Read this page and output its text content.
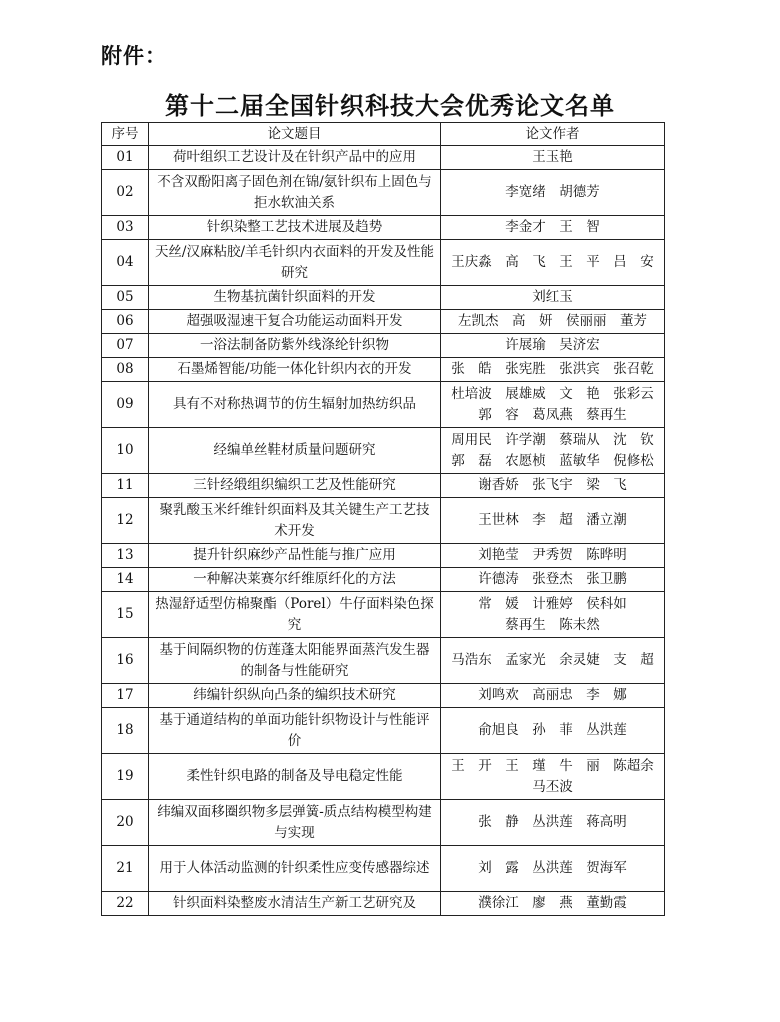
附件：
第十二届全国针织科技大会优秀论文名单
序号	论文题目	论文作者
01	荷叶组织工艺设计及在针织产品中的应用	王玉艳
02	不含双酚阳离子固色剂在锦/氨针织布上固色与拒水软油关系	李宽绪　胡德芳
03	针织染整工艺技术进展及趋势	李金才　王　智
04	天丝/汉麻粘胶/羊毛针织内衣面料的开发及性能研究	王庆淼　高　飞　王　平　吕　安
05	生物基抗菌针织面料的开发	刘红玉
06	超强吸湿速干复合功能运动面料开发	左凯杰　高　妍　侯丽丽　董芳
07	一浴法制备防紫外线涤纶针织物	许展瑜　吴济宏
08	石墨烯智能/功能一体化针织内衣的开发	张　皓　张宪胜　张洪宾　张召乾
09	具有不对称热调节的仿生辐射加热纺织品	杜培波　展雄威　文　艳　张彩云
郭　容　葛凤燕　蔡再生
10	经编单丝鞋材质量问题研究	周用民　许学潮　蔡瑞从　沈　钦
郭　磊　农愿桢　蓝敏华　倪修松
11	三针经缎组织编织工艺及性能研究	谢香娇　张飞宇　梁　飞
12	聚乳酸玉米纤维针织面料及其关键生产工艺技术开发	王世林　李　超　潘立潮
13	提升针织麻纱产品性能与推广应用	刘艳莹　尹秀贺　陈晔明
14	一种解决莱赛尔纤维原纤化的方法	许德涛　张登杰　张卫鹏
15	热湿舒适型仿棉聚酯（Porel）牛仔面料染色探究	常　媛　计雅婷　侯科如
蔡再生　陈未然
16	基于间隔织物的仿莲蓬太阳能界面蒸汽发生器的制备与性能研究	马浩东　孟家光　余灵婕　支　超
17	纬编针织纵向凸条的编织技术研究	刘鸣欢　高丽忠　李　娜
18	基于通道结构的单面功能针织物设计与性能评价	俞旭良　孙　菲　丛洪莲
19	柔性针织电路的制备及导电稳定性能	王　开　王　瑾　牛　丽　陈超余
马丕波
20	纬编双面移圈织物多层弹簧-质点结构模型构建与实现	张　静　丛洪莲　蒋高明
21	用于人体活动监测的针织柔性应变传感器综述	刘　露　丛洪莲　贺海军
22	针织面料染整废水清洁生产新工艺研究及	濮徐江　廖　燕　董勤霞
